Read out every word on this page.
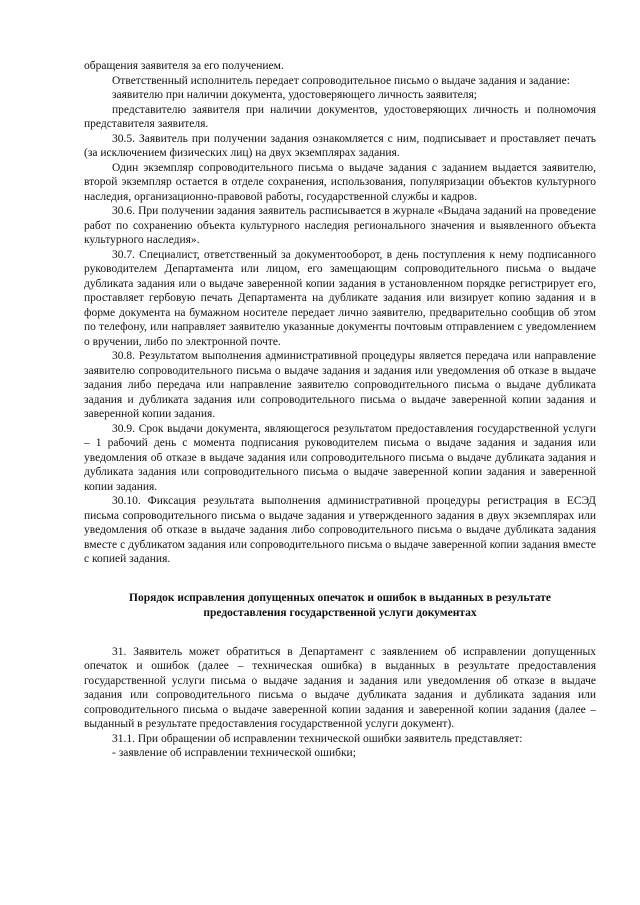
обращения заявителя за его получением.

Ответственный исполнитель передает сопроводительное письмо о выдаче задания и задание:

заявителю при наличии документа, удостоверяющего личность заявителя;

представителю заявителя при наличии документов, удостоверяющих личность и полномочия представителя заявителя.

30.5. Заявитель при получении задания ознакомляется с ним, подписывает и проставляет печать (за исключением физических лиц) на двух экземплярах задания.

Один экземпляр сопроводительного письма о выдаче задания с заданием выдается заявителю, второй экземпляр остается в отделе сохранения, использования, популяризации объектов культурного наследия, организационно-правовой работы, государственной службы и кадров.

30.6. При получении задания заявитель расписывается в журнале «Выдача заданий на проведение работ по сохранению объекта культурного наследия регионального значения и выявленного объекта культурного наследия».

30.7. Специалист, ответственный за документооборот, в день поступления к нему подписанного руководителем Департамента или лицом, его замещающим сопроводительного письма о выдаче дубликата задания или о выдаче заверенной копии задания в установленном порядке регистрирует его, проставляет гербовую печать Департамента на дубликате задания или визирует копию задания и в форме документа на бумажном носителе передает лично заявителю, предварительно сообщив об этом по телефону, или направляет заявителю указанные документы почтовым отправлением с уведомлением о вручении, либо по электронной почте.

30.8. Результатом выполнения административной процедуры является передача или направление заявителю сопроводительного письма о выдаче задания и задания или уведомления об отказе в выдаче задания либо передача или направление заявителю сопроводительного письма о выдаче дубликата задания и дубликата задания или сопроводительного письма о выдаче заверенной копии задания и заверенной копии задания.

30.9. Срок выдачи документа, являющегося результатом предоставления государственной услуги – 1 рабочий день с момента подписания руководителем письма о выдаче задания и задания или уведомления об отказе в выдаче задания или сопроводительного письма о выдаче дубликата задания и дубликата задания или сопроводительного письма о выдаче заверенной копии задания и заверенной копии задания.

30.10. Фиксация результата выполнения административной процедуры регистрация в ЕСЭД письма сопроводительного письма о выдаче задания и утвержденного задания в двух экземплярах или уведомления об отказе в выдаче задания либо сопроводительного письма о выдаче дубликата задания вместе с дубликатом задания или сопроводительного письма о выдаче заверенной копии задания вместе с копией задания.

Порядок исправления допущенных опечаток и ошибок в выданных в результате предоставления государственной услуги документах

31. Заявитель может обратиться в Департамент с заявлением об исправлении допущенных опечаток и ошибок (далее – техническая ошибка) в выданных в результате предоставления государственной услуги письма о выдаче задания и задания или уведомления об отказе в выдаче задания или сопроводительного письма о выдаче дубликата задания и дубликата задания или сопроводительного письма о выдаче заверенной копии задания и заверенной копии задания (далее – выданный в результате предоставления государственной услуги документ).

31.1. При обращении об исправлении технической ошибки заявитель представляет:

- заявление об исправлении технической ошибки;
